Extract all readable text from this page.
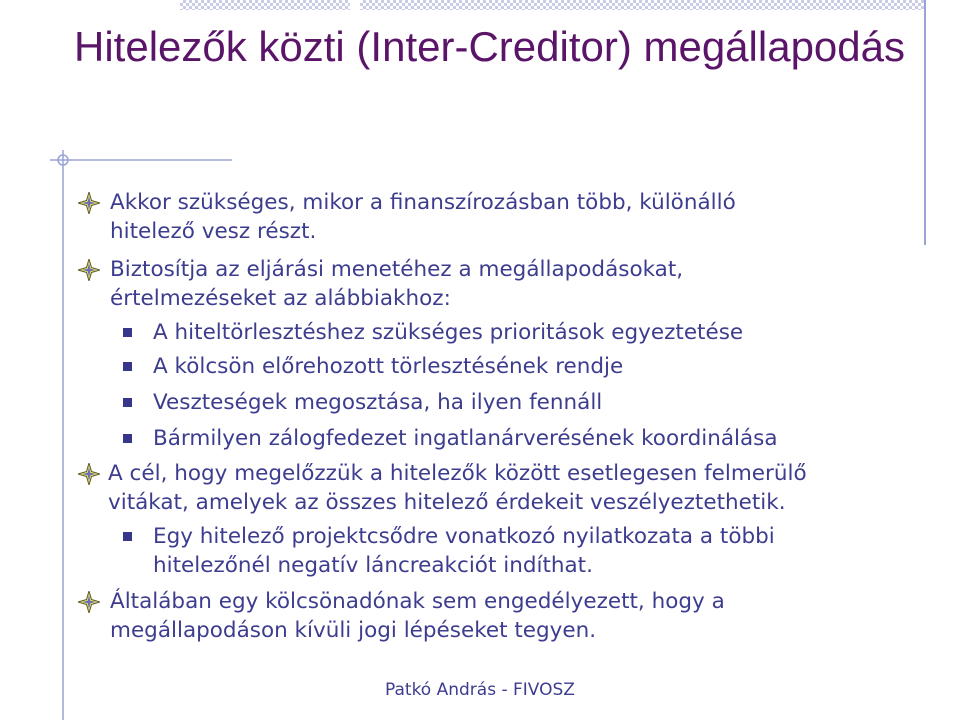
Hitelezők közti (Inter-Creditor) megállapodás
Akkor szükséges, mikor a finanszírozásban több, különálló
hitelező vesz részt.
Biztosítja az eljárási menetéhez a megállapodásokat,
értelmezéseket az alábbiakhoz:
A hiteltörlesztéshez szükséges prioritások egyeztetése
A kölcsön előrehozott törlesztésének rendje
Veszteségek megosztása, ha ilyen fennáll
Bármilyen zálogfedezet ingatlanárverésének koordinálása
A cél, hogy megelőzzük a hitelezők között esetlegesen felmerülő
vitákat, amelyek az összes hitelező érdekeit veszélyeztethetik.
Egy hitelező projektcsődre vonatkozó nyilatkozata a többi
hitelezőnél negatív láncreakciót indíthat.
Általában egy kölcsönadónak sem engedélyezett, hogy a
megállapodáson kívüli jogi lépéseket tegyen.
Patkó András - FIVOSZ
